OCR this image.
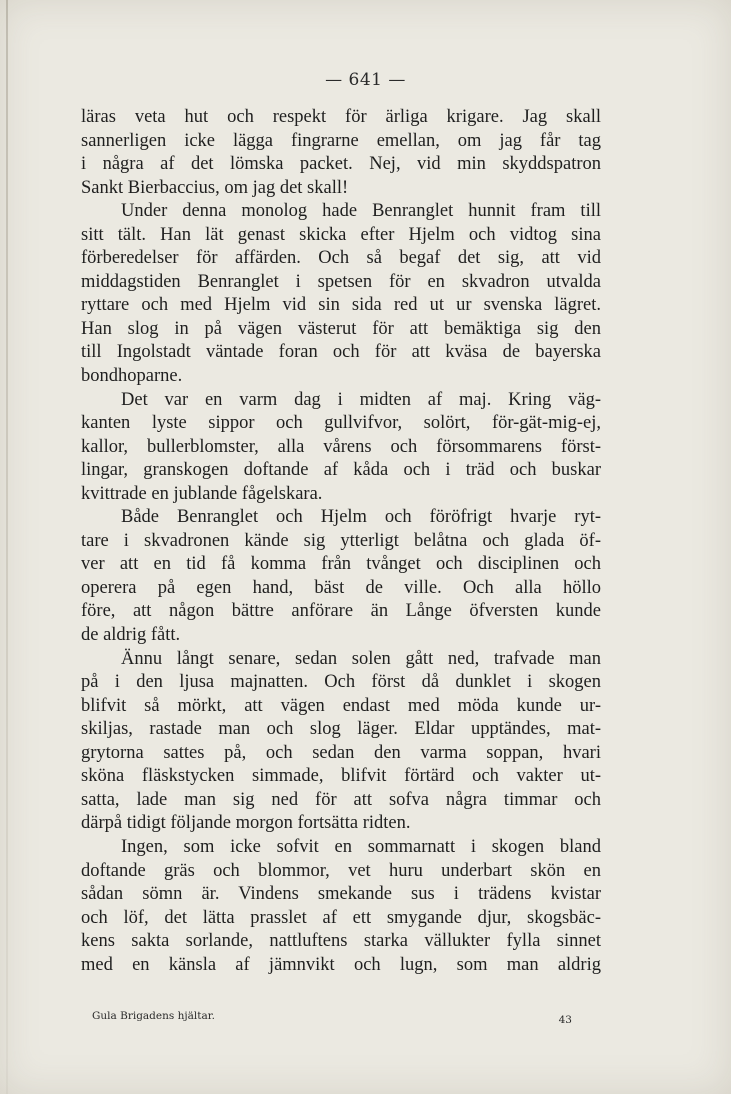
— 641 —
läras veta hut och respekt för ärliga krigare. Jag skall
sannerligen icke lägga fingrarne emellan, om jag får tag
i några af det lömska packet. Nej, vid min skyddspatron
Sankt Bierbaccius, om jag det skall!
Under denna monolog hade Benranglet hunnit fram till
sitt tält. Han lät genast skicka efter Hjelm och vidtog sina
förberedelser för affärden. Och så begaf det sig, att vid
middagstiden Benranglet i spetsen för en skvadron utvalda
ryttare och med Hjelm vid sin sida red ut ur svenska lägret.
Han slog in på vägen västerut för att bemäktiga sig den
till Ingolstadt väntade foran och för att kväsa de bayerska
bondhoparne.
Det var en varm dag i midten af maj. Kring väg-
kanten lyste sippor och gullvifvor, solört, för-gät-mig-ej,
kallor, bullerblomster, alla vårens och försommarens först-
lingar, granskogen doftande af kåda och i träd och buskar
kvittrade en jublande fågelskara.
Både Benranglet och Hjelm och föröfrigt hvarje ryt-
tare i skvadronen kände sig ytterligt belåtna och glada öf-
ver att en tid få komma från tvånget och disciplinen och
operera på egen hand, bäst de ville. Och alla höllo
före, att någon bättre anförare än Långe öfversten kunde
de aldrig fått.
Ännu långt senare, sedan solen gått ned, trafvade man
på i den ljusa majnatten. Och först då dunklet i skogen
blifvit så mörkt, att vägen endast med möda kunde ur-
skiljas, rastade man och slog läger. Eldar upptändes, mat-
grytorna sattes på, och sedan den varma soppan, hvari
sköna fläskstycken simmade, blifvit förtärd och vakter ut-
satta, lade man sig ned för att sofva några timmar och
därpå tidigt följande morgon fortsätta ridten.
Ingen, som icke sofvit en sommarnatt i skogen bland
doftande gräs och blommor, vet huru underbart skön en
sådan sömn är. Vindens smekande sus i trädens kvistar
och löf, det lätta prasslet af ett smygande djur, skogsbäc-
kens sakta sorlande, nattluftens starka vällukter fylla sinnet
med en känsla af jämnvikt och lugn, som man aldrig
Gula Brigadens hjältar.	43
